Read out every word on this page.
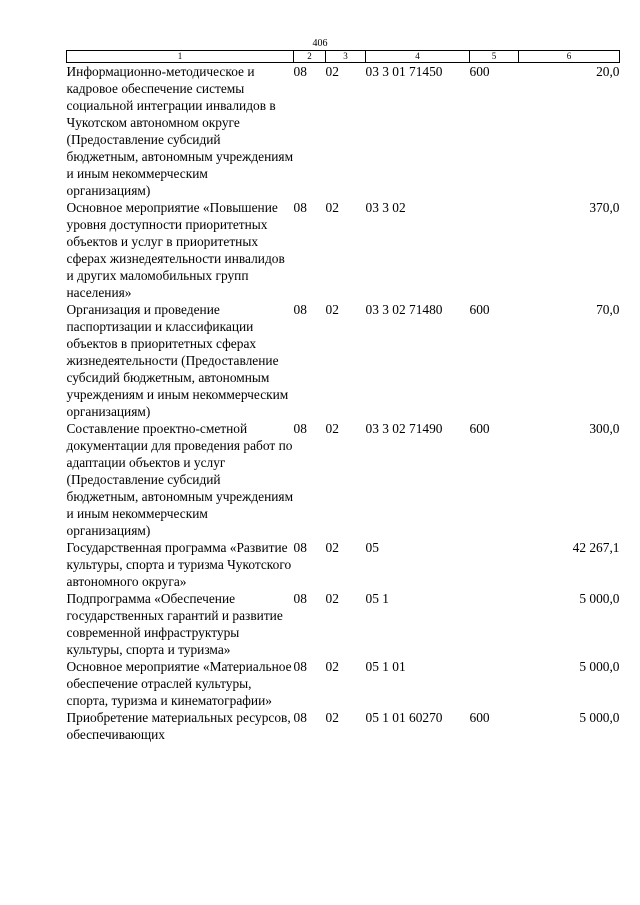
406
1	2	3	4	5	6
Информационно-методическое и кадровое обеспечение системы социальной интеграции инвалидов в Чукотском автономном округе (Предоставление субсидий бюджетным, автономным учреждениям и иным некоммерческим организациям)	08	02	03 3 01 71450	600	20,0
Основное мероприятие «Повышение уровня доступности приоритетных объектов и услуг в приоритетных сферах жизнедеятельности инвалидов и других маломобильных групп населения»	08	02	03 3 02		370,0
Организация и проведение паспортизации и классификации объектов в приоритетных сферах жизнедеятельности (Предоставление субсидий бюджетным, автономным учреждениям и иным некоммерческим организациям)	08	02	03 3 02 71480	600	70,0
Составление проектно-сметной документации для проведения работ по адаптации объектов и услуг (Предоставление субсидий бюджетным, автономным учреждениям и иным некоммерческим организациям)	08	02	03 3 02 71490	600	300,0
Государственная программа «Развитие культуры, спорта и туризма Чукотского автономного округа»	08	02	05		42 267,1
Подпрограмма «Обеспечение государственных гарантий и развитие современной инфраструктуры культуры, спорта и туризма»	08	02	05 1		5 000,0
Основное мероприятие «Материальное обеспечение отраслей культуры, спорта, туризма и кинематографии»	08	02	05 1 01		5 000,0
Приобретение материальных ресурсов, обеспечивающих	08	02	05 1 01 60270	600	5 000,0
